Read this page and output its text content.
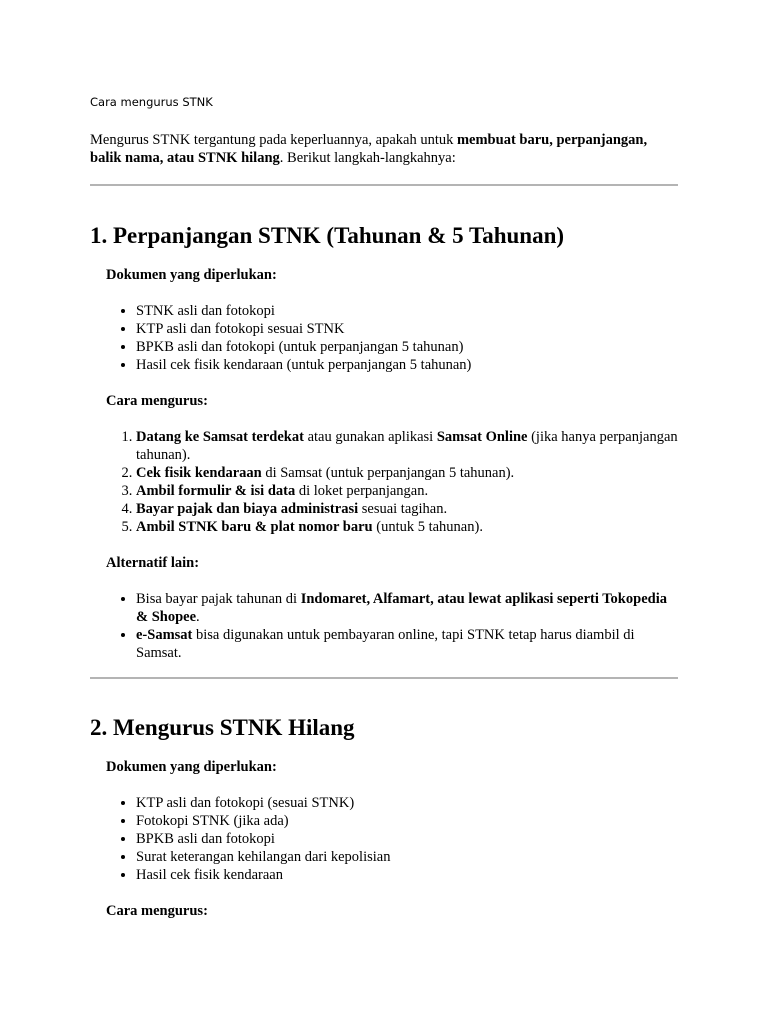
Cara mengurus STNK

Mengurus STNK tergantung pada keperluannya, apakah untuk membuat baru, perpanjangan, balik nama, atau STNK hilang. Berikut langkah-langkahnya:

1. Perpanjangan STNK (Tahunan & 5 Tahunan)

Dokumen yang diperlukan:

• STNK asli dan fotokopi
• KTP asli dan fotokopi sesuai STNK
• BPKB asli dan fotokopi (untuk perpanjangan 5 tahunan)
• Hasil cek fisik kendaraan (untuk perpanjangan 5 tahunan)

Cara mengurus:

1. Datang ke Samsat terdekat atau gunakan aplikasi Samsat Online (jika hanya perpanjangan tahunan).
2. Cek fisik kendaraan di Samsat (untuk perpanjangan 5 tahunan).
3. Ambil formulir & isi data di loket perpanjangan.
4. Bayar pajak dan biaya administrasi sesuai tagihan.
5. Ambil STNK baru & plat nomor baru (untuk 5 tahunan).

Alternatif lain:

• Bisa bayar pajak tahunan di Indomaret, Alfamart, atau lewat aplikasi seperti Tokopedia & Shopee.
• e-Samsat bisa digunakan untuk pembayaran online, tapi STNK tetap harus diambil di Samsat.
2. Mengurus STNK Hilang

Dokumen yang diperlukan:

• KTP asli dan fotokopi (sesuai STNK)
• Fotokopi STNK (jika ada)
• BPKB asli dan fotokopi
• Surat keterangan kehilangan dari kepolisian
• Hasil cek fisik kendaraan

Cara mengurus:
